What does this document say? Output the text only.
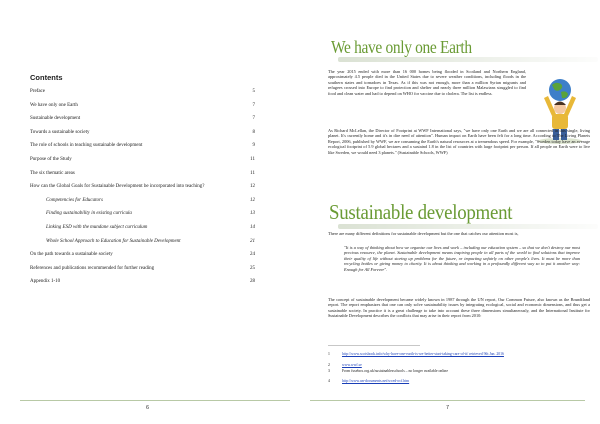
Contents
Preface	5
We have only one Earth	7
Sustainable development	7
Towards a sustainable society	8
The role of schools in teaching sustainable development	9
Purpose of the Study	11
The six thematic areas	11
How can the Global Goals for Sustainable Development be incorporated into teaching?	12
Competencies for Educators	12
Finding sustainability in existing curricula	13
Linking ESD with the mundane subject curriculum	14
Whole School Approach to Education for Sustainable Development	21
On the path towards a sustainable society	24
References and publications recommended for further reading	25
Appendix 1-10	28
6
We have only one Earth

The year 2015 ended with more than 16 000 homes being flooded in Scotland and Northern England, approximately 4.5 people died in the United States due to severe weather conditions, including floods in the southern states and tornadoes in Texas. As if this was not enough, more than a million Syrian migrants and refugees crossed into Europe to find protection and shelter and nearly three million Malawians struggled to find food and clean water and had to depend on WHO for vaccine due to cholera. The list is endless.

As Richard McLellan, the Director of Footprint at WWF International says, "we have only one Earth and we are all connected in this single, living planet. It's currently home and it's in dire need of attention". Human impact on Earth have been felt for a long time. According to The Living Planets Report, 2006, published by WWF, we are consuming the Earth's natural resources at a tremendous speed. For example, "Sweden today have an average ecological footprint of 5.9 global hectares and a sustaind 1.8 in the list of countries with large footprint per person. If all people on Earth were to live like Sweden, we would need 3 planets." (Sustainable Schools, WWF)

Sustainable development

There are many different definitions for sustainable development but the one that catches our attention most is,

"It is a way of thinking about how we organise our lives and work – including our education system – so that we don't destroy our most precious resource, the planet. Sustainable development means inspiring people in all parts of the world to find solutions that improve their quality of life without storing up problems for the future, or impacting unfairly on other people's lives. It must be more than recycling bottles or giving money to charity. It is about thinking and working in a profoundly different way so to put it another way: Enough for All Forever".

The concept of sustainable development became widely known in 1987 through the UN report, Our Common Future, also known as the Brundtland report. The report emphasizes that one can only solve sustainability issues by integrating ecological, social and economic dimensions, and thus get a sustainable society. In practice it is a great challenge to take into account these three dimensions simultaneously, and the International Institute for Sustainable Development describes the conflicts that may arise in their report from 2010:

1	http://www.scotsbook.info/why-have-one-earth-is-we-better-start-taking-care-of-it/ retrieved 9th Jan. 2016
2	www.wwf.se
3	From fusebox.org.uk/sustainablesschools – no longer available online
4	http://www.un-documents.net/wced-ocf.htm
7
